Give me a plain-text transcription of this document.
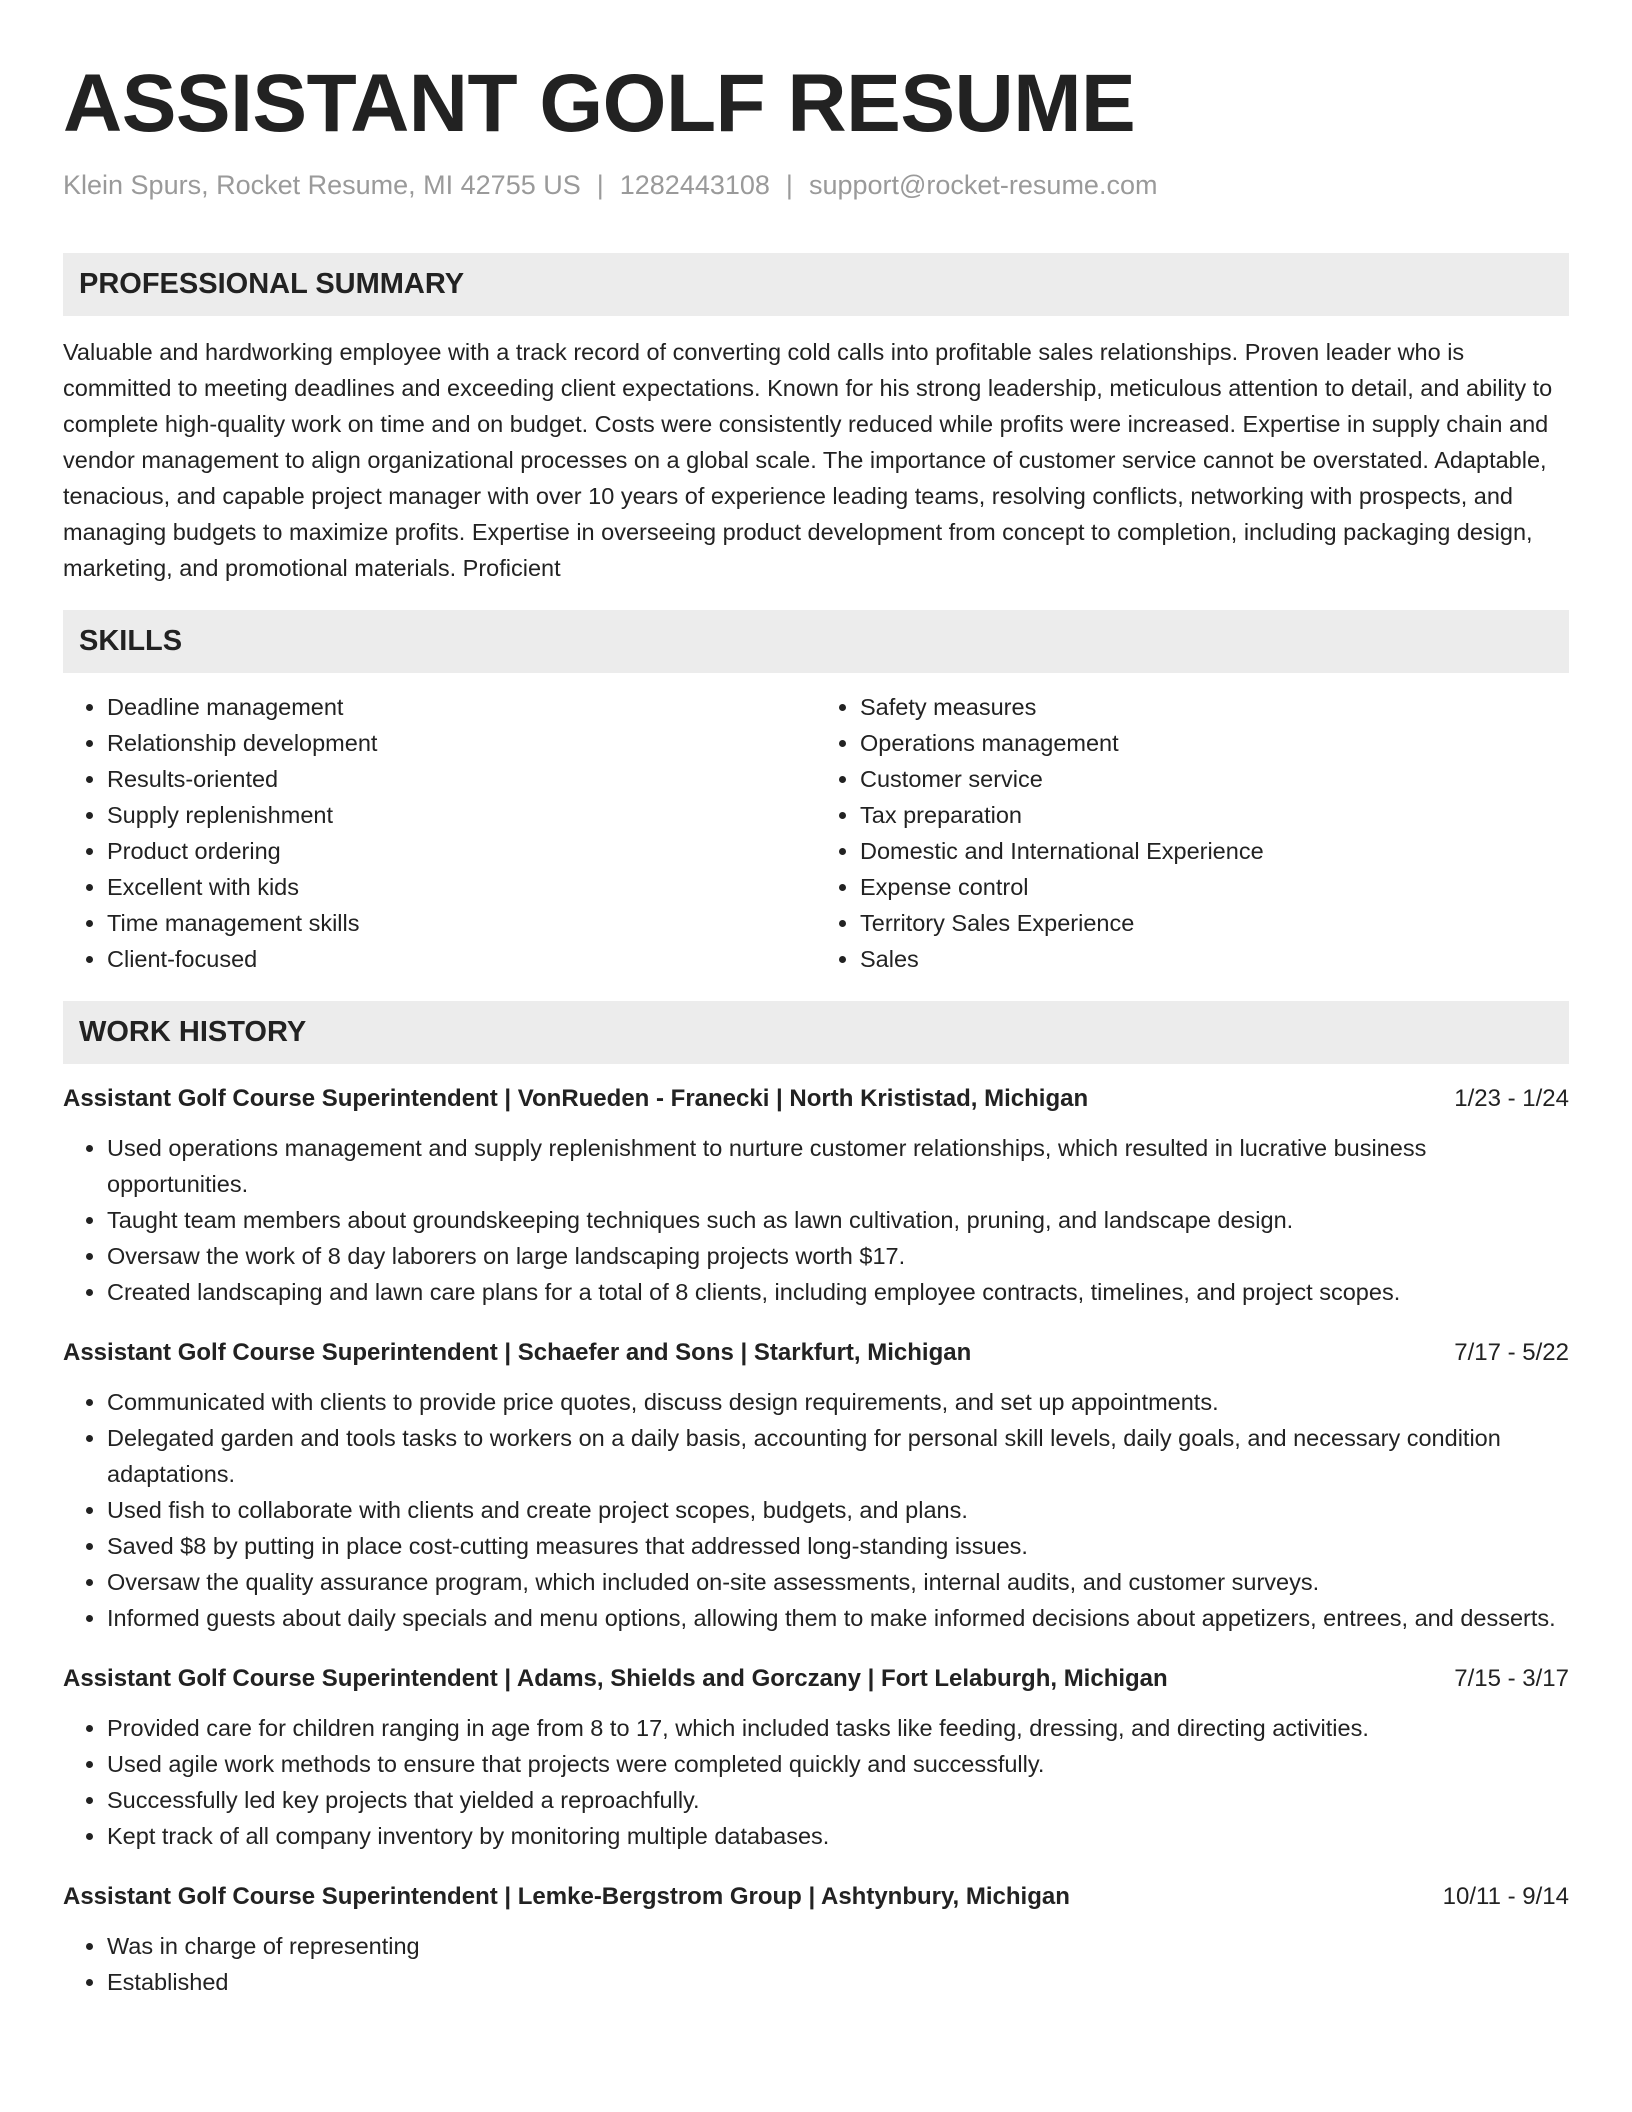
ASSISTANT GOLF RESUME
Klein Spurs, Rocket Resume, MI 42755 US | 1282443108 | support@rocket-resume.com
PROFESSIONAL SUMMARY
Valuable and hardworking employee with a track record of converting cold calls into profitable sales relationships. Proven leader who is committed to meeting deadlines and exceeding client expectations. Known for his strong leadership, meticulous attention to detail, and ability to complete high-quality work on time and on budget. Costs were consistently reduced while profits were increased. Expertise in supply chain and vendor management to align organizational processes on a global scale. The importance of customer service cannot be overstated. Adaptable, tenacious, and capable project manager with over 10 years of experience leading teams, resolving conflicts, networking with prospects, and managing budgets to maximize profits. Expertise in overseeing product development from concept to completion, including packaging design, marketing, and promotional materials. Proficient
SKILLS
• Deadline management
• Relationship development
• Results-oriented
• Supply replenishment
• Product ordering
• Excellent with kids
• Time management skills
• Client-focused
• Safety measures
• Operations management
• Customer service
• Tax preparation
• Domestic and International Experience
• Expense control
• Territory Sales Experience
• Sales
WORK HISTORY
Assistant Golf Course Superintendent | VonRueden - Franecki | North Krististad, Michigan	1/23 - 1/24
• Used operations management and supply replenishment to nurture customer relationships, which resulted in lucrative business opportunities.
• Taught team members about groundskeeping techniques such as lawn cultivation, pruning, and landscape design.
• Oversaw the work of 8 day laborers on large landscaping projects worth $17.
• Created landscaping and lawn care plans for a total of 8 clients, including employee contracts, timelines, and project scopes.
Assistant Golf Course Superintendent | Schaefer and Sons | Starkfurt, Michigan	7/17 - 5/22
• Communicated with clients to provide price quotes, discuss design requirements, and set up appointments.
• Delegated garden and tools tasks to workers on a daily basis, accounting for personal skill levels, daily goals, and necessary condition adaptations.
• Used fish to collaborate with clients and create project scopes, budgets, and plans.
• Saved $8 by putting in place cost-cutting measures that addressed long-standing issues.
• Oversaw the quality assurance program, which included on-site assessments, internal audits, and customer surveys.
• Informed guests about daily specials and menu options, allowing them to make informed decisions about appetizers, entrees, and desserts.
Assistant Golf Course Superintendent | Adams, Shields and Gorczany | Fort Lelaburgh, Michigan	7/15 - 3/17
• Provided care for children ranging in age from 8 to 17, which included tasks like feeding, dressing, and directing activities.
• Used agile work methods to ensure that projects were completed quickly and successfully.
• Successfully led key projects that yielded a reproachfully.
• Kept track of all company inventory by monitoring multiple databases.
Assistant Golf Course Superintendent | Lemke-Bergstrom Group | Ashtynbury, Michigan	10/11 - 9/14
• Was in charge of representing
• Established
